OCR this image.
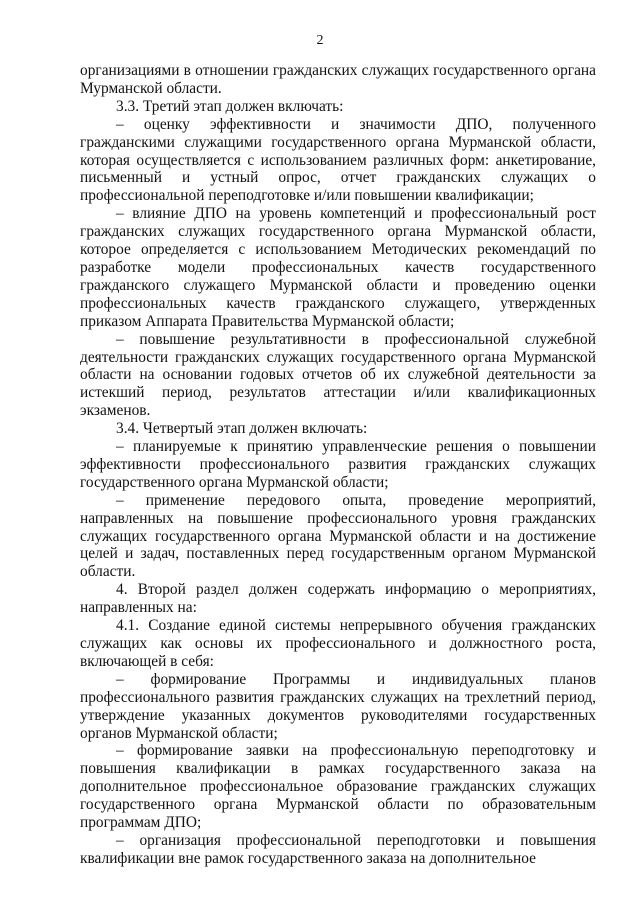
2

организациями в отношении гражданских служащих государственного органа Мурманской области.

3.3. Третий этап должен включать:

– оценку эффективности и значимости ДПО, полученного гражданскими служащими государственного органа Мурманской области, которая осуществляется с использованием различных форм: анкетирование, письменный и устный опрос, отчет гражданских служащих о профессиональной переподготовке и/или повышении квалификации;

– влияние ДПО на уровень компетенций и профессиональный рост гражданских служащих государственного органа Мурманской области, которое определяется с использованием Методических рекомендаций по разработке модели профессиональных качеств государственного гражданского служащего Мурманской области и проведению оценки профессиональных качеств гражданского служащего, утвержденных приказом Аппарата Правительства Мурманской области;

– повышение результативности в профессиональной служебной деятельности гражданских служащих государственного органа Мурманской области на основании годовых отчетов об их служебной деятельности за истекший период, результатов аттестации и/или квалификационных экзаменов.

3.4. Четвертый этап должен включать:

– планируемые к принятию управленческие решения о повышении эффективности профессионального развития гражданских служащих государственного органа Мурманской области;

– применение передового опыта, проведение мероприятий, направленных на повышение профессионального уровня гражданских служащих государственного органа Мурманской области и на достижение целей и задач, поставленных перед государственным органом Мурманской области.

4. Второй раздел должен содержать информацию о мероприятиях, направленных на:

4.1. Создание единой системы непрерывного обучения гражданских служащих как основы их профессионального и должностного роста, включающей в себя:

– формирование Программы и индивидуальных планов профессионального развития гражданских служащих на трехлетний период, утверждение указанных документов руководителями государственных органов Мурманской области;

– формирование заявки на профессиональную переподготовку и повышения квалификации в рамках государственного заказа на дополнительное профессиональное образование гражданских служащих государственного органа Мурманской области по образовательным программам ДПО;

– организация профессиональной переподготовки и повышения квалификации вне рамок государственного заказа на дополнительное
